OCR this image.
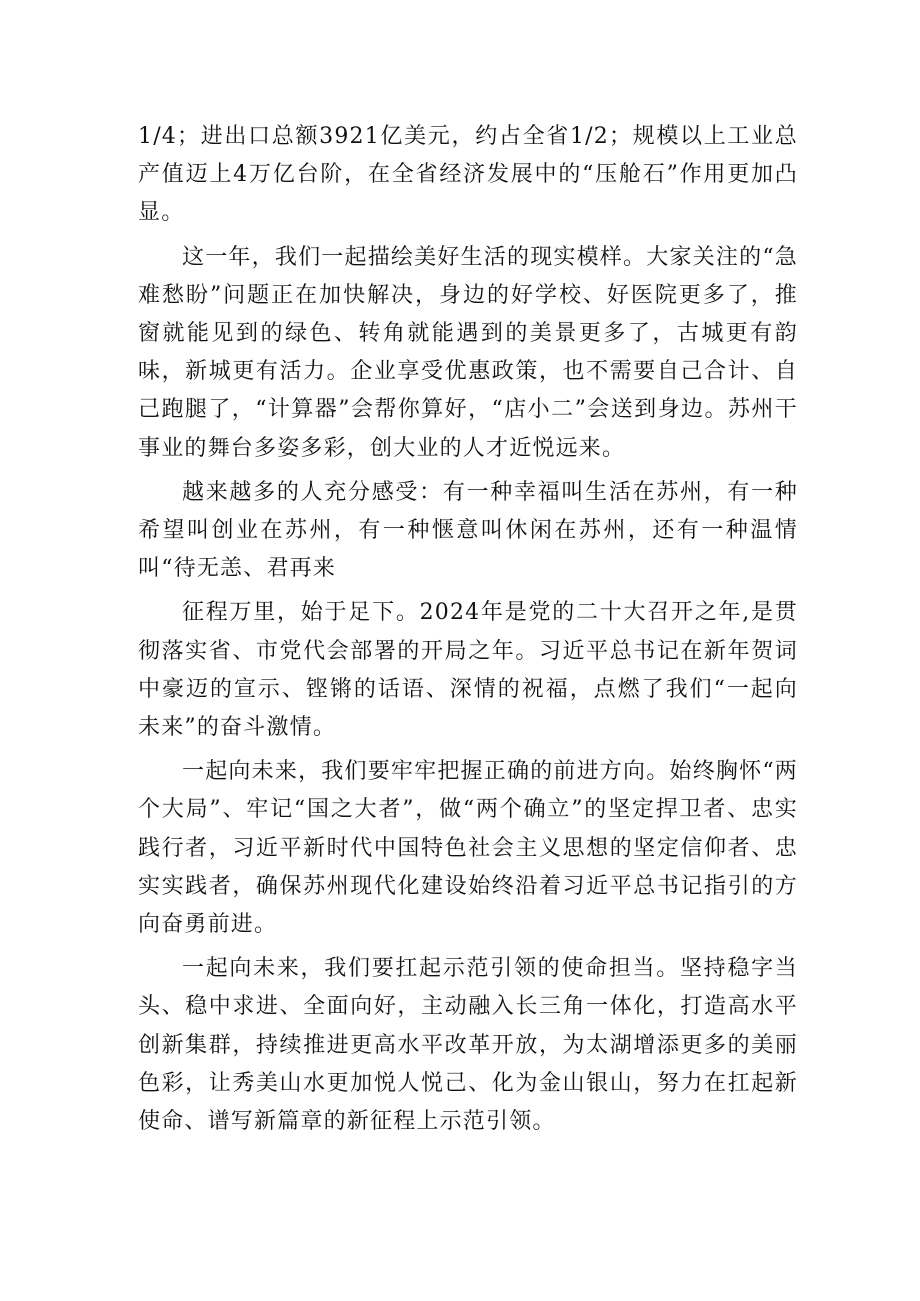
1/4；进出口总额3921亿美元，约占全省1/2；规模以上工业总产值迈上4万亿台阶，在全省经济发展中的“压舱石”作用更加凸显。

这一年，我们一起描绘美好生活的现实模样。大家关注的“急难愁盼”问题正在加快解决，身边的好学校、好医院更多了，推窗就能见到的绿色、转角就能遇到的美景更多了，古城更有韵味，新城更有活力。企业享受优惠政策，也不需要自己合计、自己跑腿了，“计算器”会帮你算好，“店小二”会送到身边。苏州干事业的舞台多姿多彩，创大业的人才近悦远来。

越来越多的人充分感受：有一种幸福叫生活在苏州，有一种希望叫创业在苏州，有一种惬意叫休闲在苏州，还有一种温情叫“待无恙、君再来

征程万里，始于足下。2024年是党的二十大召开之年,是贯彻落实省、市党代会部署的开局之年。习近平总书记在新年贺词中豪迈的宣示、铿锵的话语、深情的祝福，点燃了我们“一起向未来”的奋斗激情。

一起向未来，我们要牢牢把握正确的前进方向。始终胸怀“两个大局”、牢记“国之大者”，做“两个确立”的坚定捍卫者、忠实践行者，习近平新时代中国特色社会主义思想的坚定信仰者、忠实实践者，确保苏州现代化建设始终沿着习近平总书记指引的方向奋勇前进。

一起向未来，我们要扛起示范引领的使命担当。坚持稳字当头、稳中求进、全面向好，主动融入长三角一体化，打造高水平创新集群，持续推进更高水平改革开放，为太湖增添更多的美丽色彩，让秀美山水更加悦人悦己、化为金山银山，努力在扛起新使命、谱写新篇章的新征程上示范引领。
